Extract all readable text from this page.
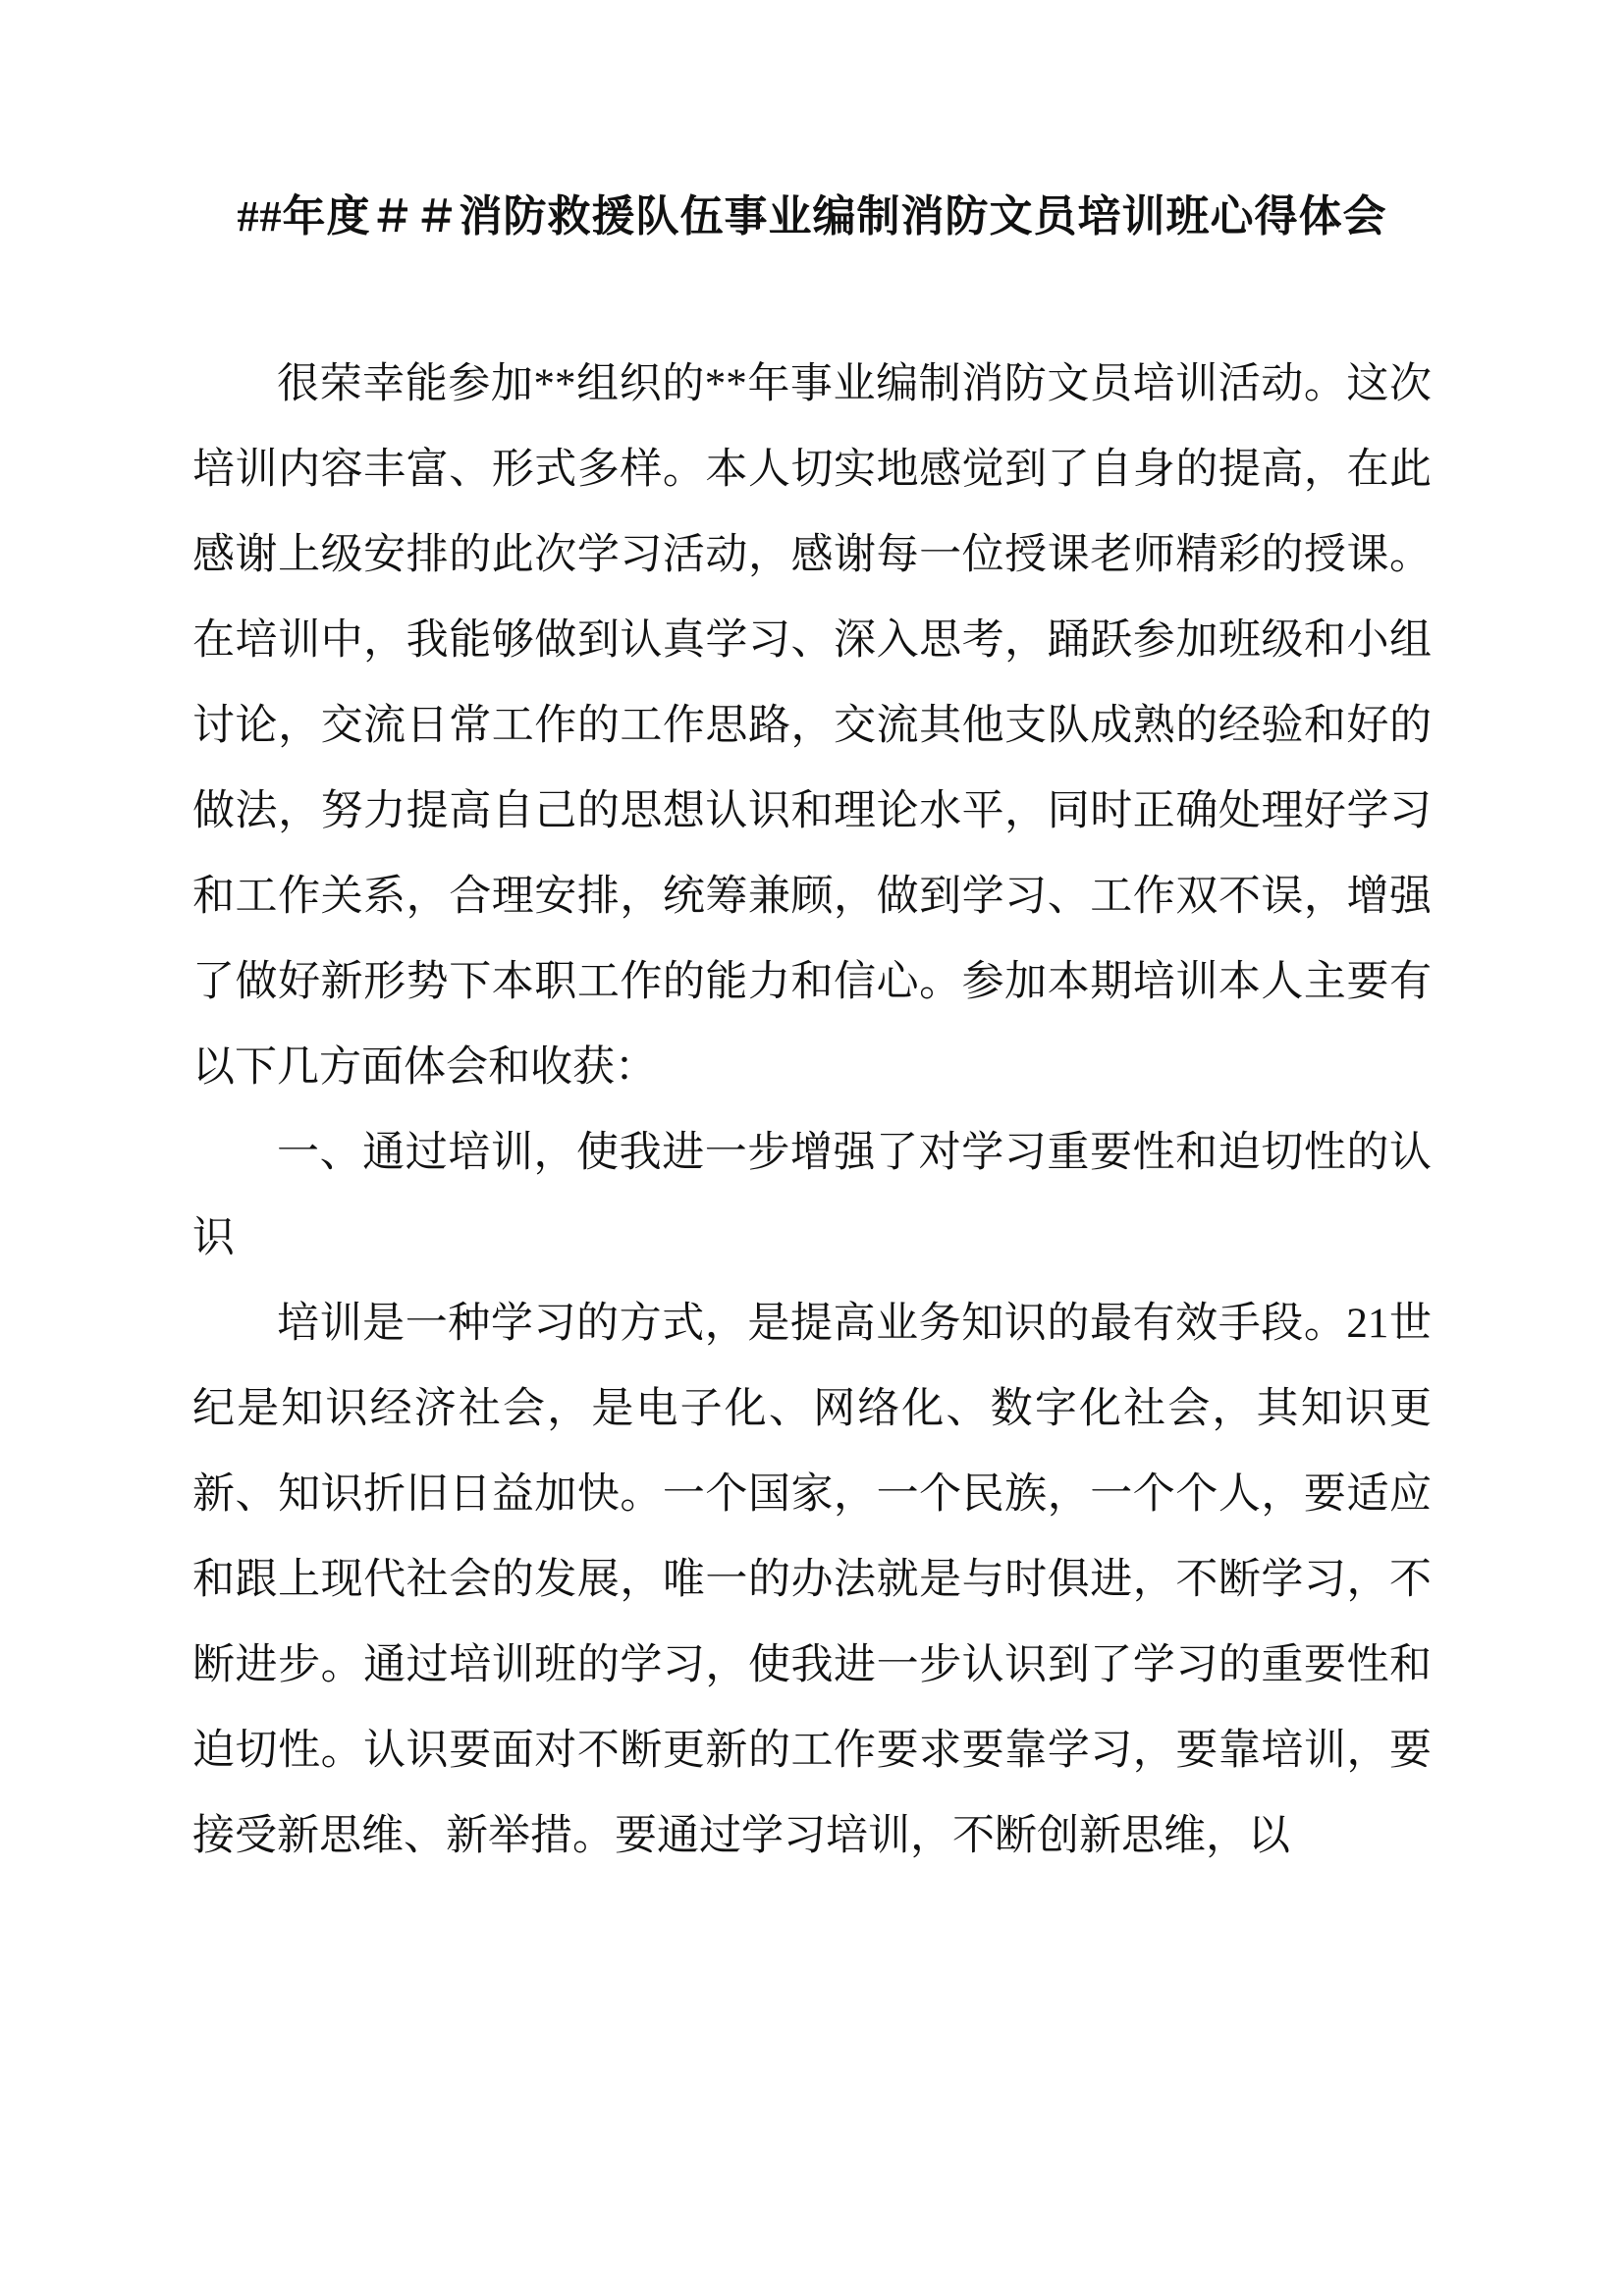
##年度＃＃消防救援队伍事业编制消防文员培训班心得体会

很荣幸能参加**组织的**年事业编制消防文员培训活动。这次培训内容丰富、形式多样。本人切实地感觉到了自身的提高，在此感谢上级安排的此次学习活动，感谢每一位授课老师精彩的授课。在培训中，我能够做到认真学习、深入思考，踊跃参加班级和小组讨论，交流日常工作的工作思路，交流其他支队成熟的经验和好的做法，努力提高自己的思想认识和理论水平，同时正确处理好学习和工作关系，合理安排，统筹兼顾，做到学习、工作双不误，增强了做好新形势下本职工作的能力和信心。参加本期培训本人主要有以下几方面体会和收获：

一、通过培训，使我进一步增强了对学习重要性和迫切性的认识

培训是一种学习的方式，是提高业务知识的最有效手段。21世纪是知识经济社会，是电子化、网络化、数字化社会，其知识更新、知识折旧日益加快。一个国家，一个民族，一个个人，要适应和跟上现代社会的发展，唯一的办法就是与时俱进，不断学习，不断进步。通过培训班的学习，使我进一步认识到了学习的重要性和迫切性。认识要面对不断更新的工作要求要靠学习，要靠培训，要接受新思维、新举措。要通过学习培训，不断创新思维，以
